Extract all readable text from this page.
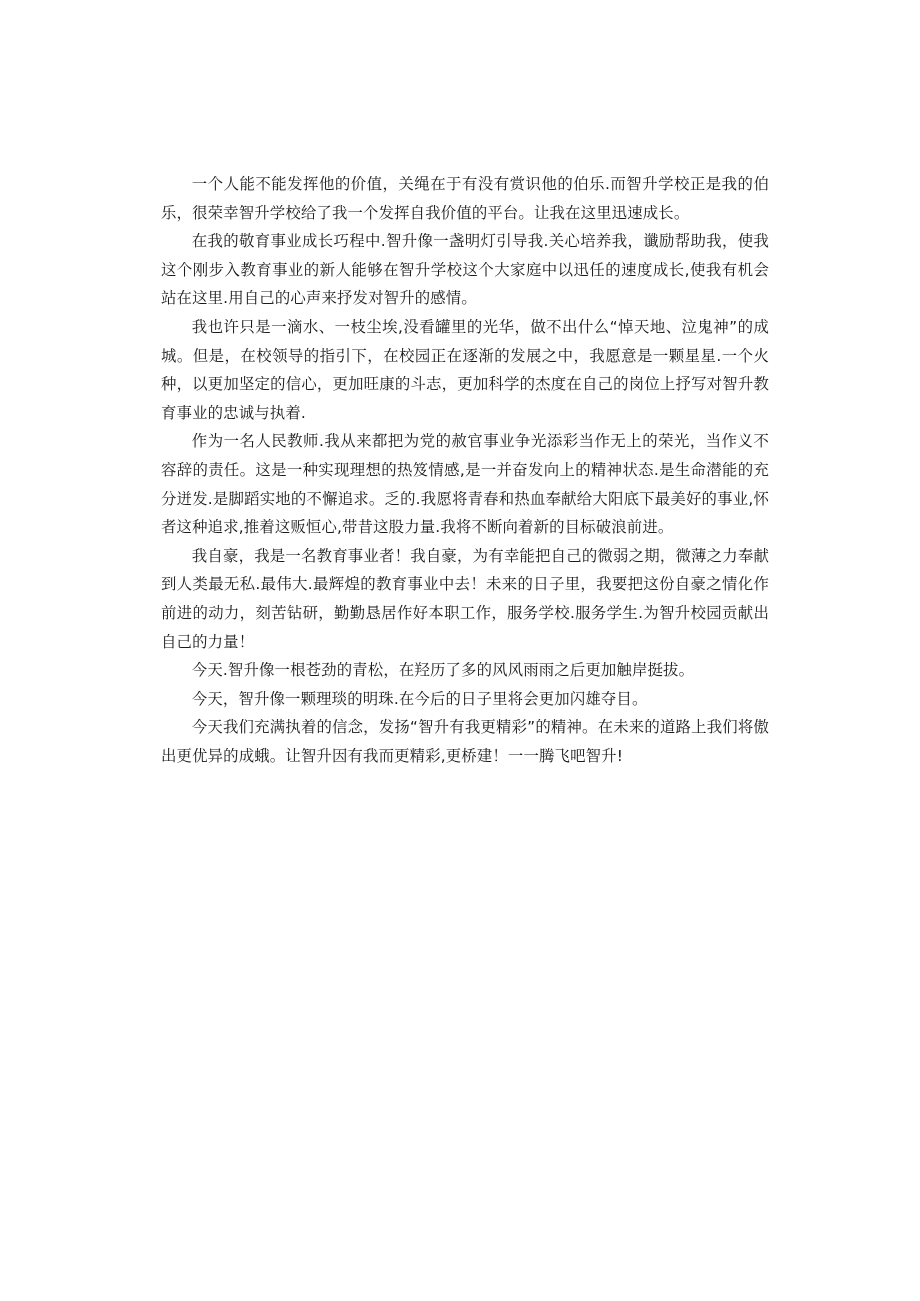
一个人能不能发挥他的价值，关绳在于有没有赏识他的伯乐.而智升学校正是我的伯乐，很荣幸智升学校给了我一个发挥自我价值的平台。让我在这里迅速成长。

在我的敬育事业成长巧程中.智升像一盏明灯引导我.关心培养我，谶励帮助我，使我这个刚步入教育事业的新人能够在智升学校这个大家庭中以迅任的速度成长,使我有机会站在这里.用自己的心声来抒发对智升的感情。

我也许只是一滴水、一枝尘埃,没看罐里的光华，做不出什么“悼天地、泣鬼神”的成城。但是，在校领导的指引下，在校园正在逐渐的发展之中，我愿意是一颗星星.一个火种，以更加坚定的信心，更加旺康的斗志，更加科学的杰度在自己的岗位上抒写对智升教育事业的忠诚与执着.

作为一名人民教师.我从来都把为党的赦官事业争光添彩当作无上的荣光，当作义不容辞的责任。这是一种实现理想的热笈情感,是一并奋发向上的精神状态.是生命潜能的充分迸发.是脚蹈实地的不懈追求。乏的.我愿将青春和热血奉献给大阳底下最美好的事业,怀者这种追求,推着这贩恒心,带昔这股力量.我将不断向着新的目标破浪前进。

我自豪，我是一名教育事业者！我自豪，为有幸能把自己的微弱之期，微薄之力奉献到人类最无私.最伟大.最辉煌的教育事业中去！未来的日子里，我要把这份自豪之情化作前进的动力，刻苦钻研，勤勤恳居作好本职工作，服务学校.服务学生.为智升校园贡献出自己的力量！

今天.智升像一根苍劲的青松，在羟历了多的风风雨雨之后更加触岸挺拔。

今天，智升像一颗理琰的明珠.在今后的日子里将会更加闪雄夺目。

今天我们充满执着的信念，发扬“智升有我更精彩”的精神。在未来的道路上我们将傲出更优异的成蛾。让智升因有我而更精彩,更桥建！一一腾飞吧智升!
